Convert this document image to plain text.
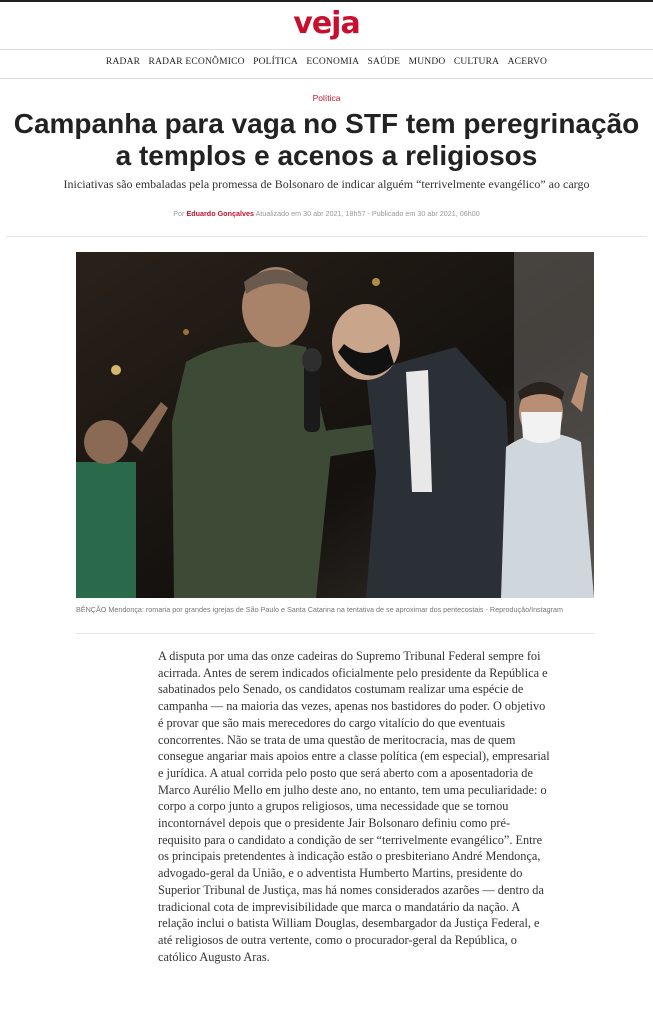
veja
RADAR RADAR ECONÔMICO POLÍTICA ECONOMIA SAÚDE MUNDO CULTURA ACERVO
Política
Campanha para vaga no STF tem peregrinação a templos e acenos a religiosos

Iniciativas são embaladas pela promessa de Bolsonaro de indicar alguém “terrivelmente evangélico” ao cargo

Por Eduardo Gonçalves Atualizado em 30 abr 2021, 18h57 - Publicado em 30 abr 2021, 06h00
BÊNÇÃO Mendonça: romaria por grandes igrejas de São Paulo e Santa Catarina na tentativa de se aproximar dos pentecostais - Reprodução/Instagram

A disputa por uma das onze cadeiras do Supremo Tribunal Federal sempre foi acirrada. Antes de serem indicados oficialmente pelo presidente da República e sabatinados pelo Senado, os candidatos costumam realizar uma espécie de campanha — na maioria das vezes, apenas nos bastidores do poder. O objetivo é provar que são mais merecedores do cargo vitalício do que eventuais concorrentes. Não se trata de uma questão de meritocracia, mas de quem consegue angariar mais apoios entre a classe política (em especial), empresarial e jurídica. A atual corrida pelo posto que será aberto com a aposentadoria de Marco Aurélio Mello em julho deste ano, no entanto, tem uma peculiaridade: o corpo a corpo junto a grupos religiosos, uma necessidade que se tornou incontornável depois que o presidente Jair Bolsonaro definiu como pré-requisito para o candidato a condição de ser “terrivelmente evangélico”. Entre os principais pretendentes à indicação estão o presbiteriano André Mendonça, advogado-geral da União, e o adventista Humberto Martins, presidente do Superior Tribunal de Justiça, mas há nomes considerados azarões — dentro da tradicional cota de imprevisibilidade que marca o mandatário da nação. A relação inclui o batista William Douglas, desembargador da Justiça Federal, e até religiosos de outra vertente, como o procurador-geral da República, o católico Augusto Aras.
